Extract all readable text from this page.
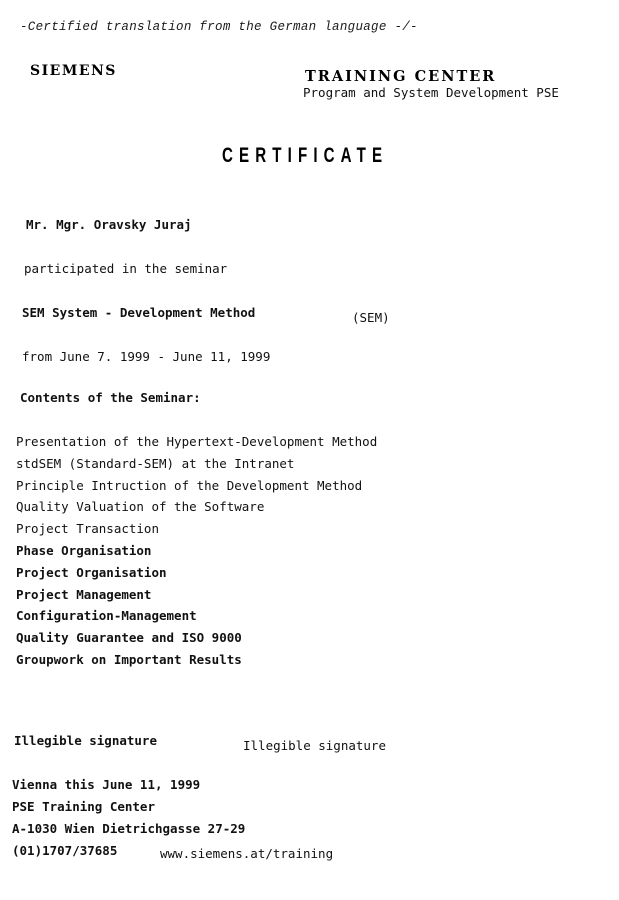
-Certified translation from the German language -/-
SIEMENS	TRAINING CENTER
Program and System Development PSE
CERTIFICATE
Mr. Mgr. Oravsky Juraj
participated in the seminar
SEM System - Development Method	(SEM)
from June 7. 1999 - June 11, 1999
Contents of the Seminar:
Presentation of the Hypertext-Development Method
stdSEM (Standard-SEM) at the Intranet
Principle Intruction of the Development Method
Quality Valuation of the Software
Project Transaction
Phase Organisation
Project Organisation
Project Management
Configuration-Management
Quality Guarantee and ISO 9000
Groupwork on Important Results
Illegible signature	Illegible signature
Vienna this June 11, 1999
PSE Training Center
A-1030 Wien Dietrichgasse 27-29
(01)1707/37685	www.siemens.at/training
